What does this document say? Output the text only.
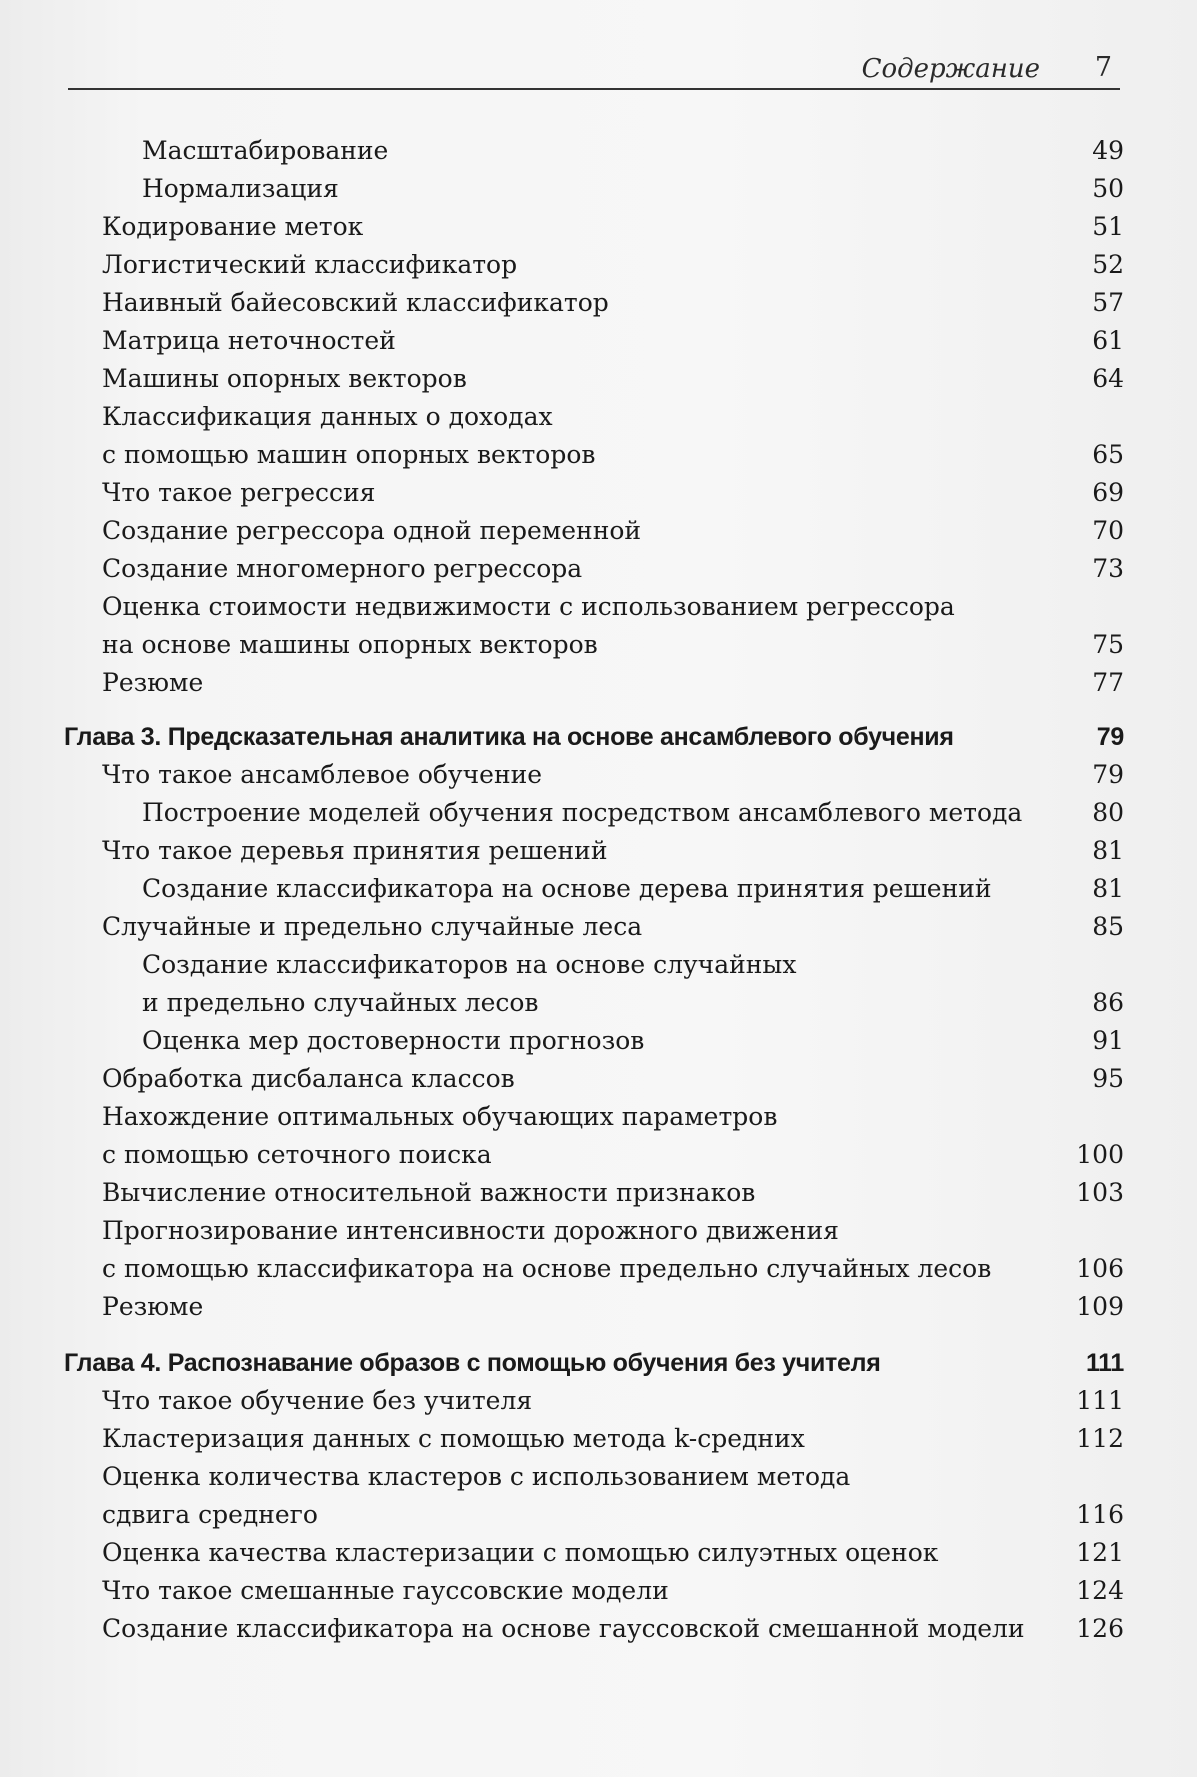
Содержание 7
Масштабирование	49
Нормализация	50
Кодирование меток	51
Логистический классификатор	52
Наивный байесовский классификатор	57
Матрица неточностей	61
Машины опорных векторов	64
Классификация данных о доходах
с помощью машин опорных векторов	65
Что такое регрессия	69
Создание регрессора одной переменной	70
Создание многомерного регрессора	73
Оценка стоимости недвижимости с использованием регрессора
на основе машины опорных векторов	75
Резюме	77
Глава 3. Предсказательная аналитика на основе ансамблевого обучения	79
Что такое ансамблевое обучение	79
Построение моделей обучения посредством ансамблевого метода	80
Что такое деревья принятия решений	81
Создание классификатора на основе дерева принятия решений	81
Случайные и предельно случайные леса	85
Создание классификаторов на основе случайных
и предельно случайных лесов	86
Оценка мер достоверности прогнозов	91
Обработка дисбаланса классов	95
Нахождение оптимальных обучающих параметров
с помощью сеточного поиска	100
Вычисление относительной важности признаков	103
Прогнозирование интенсивности дорожного движения
с помощью классификатора на основе предельно случайных лесов	106
Резюме	109
Глава 4. Распознавание образов с помощью обучения без учителя	111
Что такое обучение без учителя	111
Кластеризация данных с помощью метода k-средних	112
Оценка количества кластеров с использованием метода
сдвига среднего	116
Оценка качества кластеризации с помощью силуэтных оценок	121
Что такое смешанные гауссовские модели	124
Создание классификатора на основе гауссовской смешанной модели	126
